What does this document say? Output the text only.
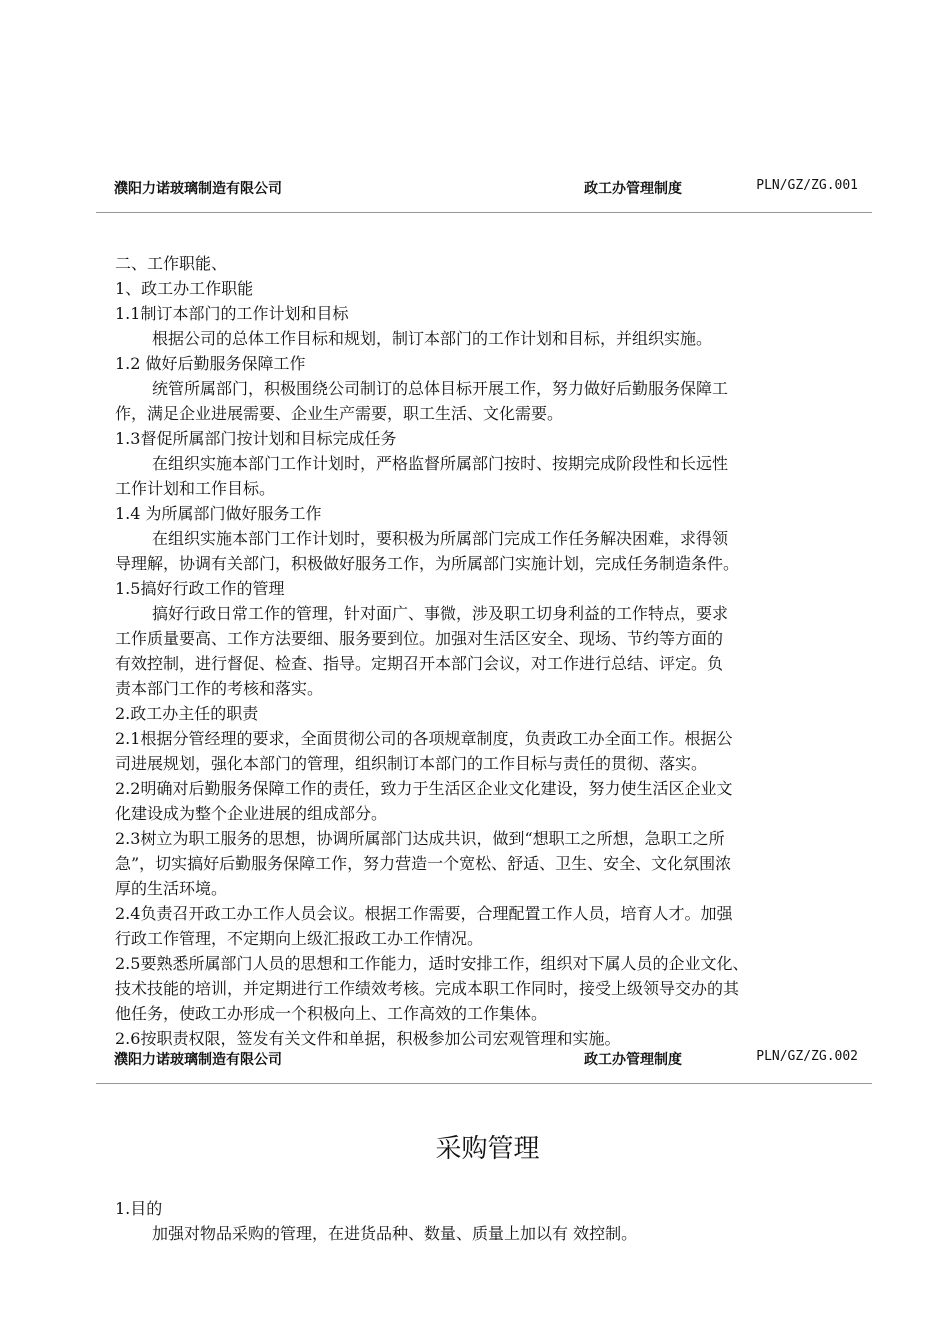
濮阳力诺玻璃制造有限公司	政工办管理制度	PLN/GZ/ZG.001

二、工作职能、

1、政工办工作职能

1.1制订本部门的工作计划和目标

根据公司的总体工作目标和规划，制订本部门的工作计划和目标，并组织实施。

1.2 做好后勤服务保障工作

统管所属部门，积极围绕公司制订的总体目标开展工作，努力做好后勤服务保障工

作，满足企业进展需要、企业生产需要，职工生活、文化需要。

1.3督促所属部门按计划和目标完成任务

在组织实施本部门工作计划时，严格监督所属部门按时、按期完成阶段性和长远性

工作计划和工作目标。

1.4 为所属部门做好服务工作

在组织实施本部门工作计划时，要积极为所属部门完成工作任务解决困难，求得领

导理解，协调有关部门，积极做好服务工作，为所属部门实施计划，完成任务制造条件。

1.5搞好行政工作的管理

搞好行政日常工作的管理，针对面广、事微，涉及职工切身利益的工作特点，要求

工作质量要高、工作方法要细、服务要到位。加强对生活区安全、现场、节约等方面的

有效控制，进行督促、检查、指导。定期召开本部门会议，对工作进行总结、评定。负

责本部门工作的考核和落实。

2.政工办主任的职责

2.1根据分管经理的要求，全面贯彻公司的各项规章制度，负责政工办全面工作。根据公

司进展规划，强化本部门的管理，组织制订本部门的工作目标与责任的贯彻、落实。

2.2明确对后勤服务保障工作的责任，致力于生活区企业文化建设，努力使生活区企业文

化建设成为整个企业进展的组成部分。

2.3树立为职工服务的思想，协调所属部门达成共识，做到“想职工之所想，急职工之所

急”，切实搞好后勤服务保障工作，努力营造一个宽松、舒适、卫生、安全、文化氛围浓

厚的生活环境。

2.4负责召开政工办工作人员会议。根据工作需要，合理配置工作人员，培育人才。加强

行政工作管理，不定期向上级汇报政工办工作情况。

2.5要熟悉所属部门人员的思想和工作能力，适时安排工作，组织对下属人员的企业文化、

技术技能的培训，并定期进行工作绩效考核。完成本职工作同时，接受上级领导交办的其

他任务，使政工办形成一个积极向上、工作高效的工作集体。

2.6按职责权限，签发有关文件和单据，积极参加公司宏观管理和实施。

濮阳力诺玻璃制造有限公司	政工办管理制度	PLN/GZ/ZG.002
采购管理

1.目的

加强对物品采购的管理，在进货品种、数量、质量上加以有 效控制。
